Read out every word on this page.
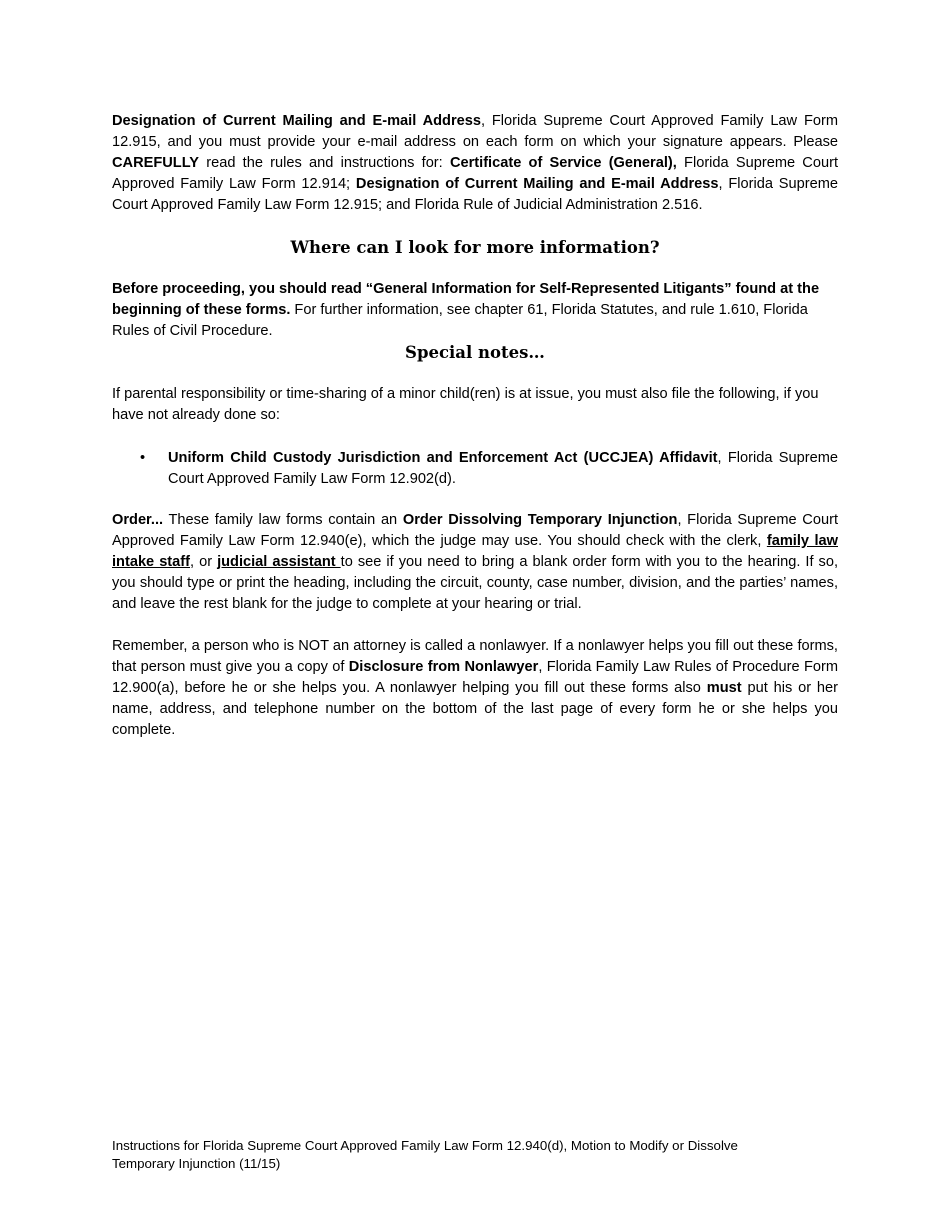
Designation of Current Mailing and E-mail Address, Florida Supreme Court Approved Family Law Form 12.915, and you must provide your e-mail address on each form on which your signature appears. Please CAREFULLY read the rules and instructions for: Certificate of Service (General), Florida Supreme Court Approved Family Law Form 12.914; Designation of Current Mailing and E-mail Address, Florida Supreme Court Approved Family Law Form 12.915; and Florida Rule of Judicial Administration 2.516.

Where can I look for more information?

Before proceeding, you should read “General Information for Self-Represented Litigants” found at the beginning of these forms. For further information, see chapter 61, Florida Statutes, and rule 1.610, Florida Rules of Civil Procedure.

Special notes…

If parental responsibility or time-sharing of a minor child(ren) is at issue, you must also file the following, if you have not already done so:

• Uniform Child Custody Jurisdiction and Enforcement Act (UCCJEA) Affidavit, Florida Supreme Court Approved Family Law Form 12.902(d).

Order... These family law forms contain an Order Dissolving Temporary Injunction, Florida Supreme Court Approved Family Law Form 12.940(e), which the judge may use. You should check with the clerk, family law intake staff, or judicial assistant to see if you need to bring a blank order form with you to the hearing. If so, you should type or print the heading, including the circuit, county, case number, division, and the parties’ names, and leave the rest blank for the judge to complete at your hearing or trial.

Remember, a person who is NOT an attorney is called a nonlawyer. If a nonlawyer helps you fill out these forms, that person must give you a copy of Disclosure from Nonlawyer, Florida Family Law Rules of Procedure Form 12.900(a), before he or she helps you. A nonlawyer helping you fill out these forms also must put his or her name, address, and telephone number on the bottom of the last page of every form he or she helps you complete.

Instructions for Florida Supreme Court Approved Family Law Form 12.940(d), Motion to Modify or Dissolve
Temporary Injunction (11/15)
